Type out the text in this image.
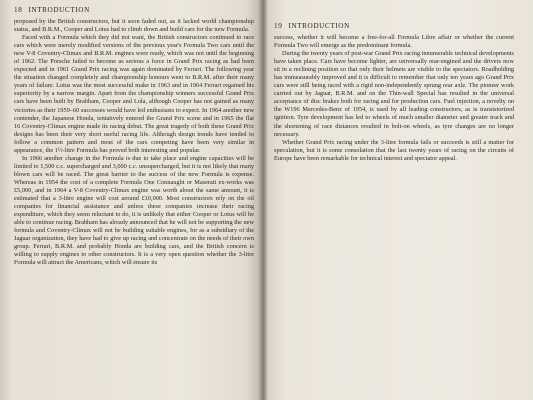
18 INTRODUCTION

proposed by the British constructors, but it soon faded out, as it lacked world championship status, and B.R.M., Cooper and Lotus had to climb down and build cars for the new Formula.

Faced with a Formula which they did not want, the British constructors continued to race cars which were merely modified versions of the previous year's Formula Two cars until the new V-8 Coventry-Climax and B.R.M. engines were ready, which was not until the beginning of 1962. The Porsche failed to become as serious a force in Grand Prix racing as had been expected and in 1961 Grand Prix racing was again dominated by Ferrari. The following year the situation changed completely and championship honours went to B.R.M. after their many years of failure. Lotus was the most successful make in 1963 and in 1964 Ferrari regained his superiority by a narrow margin. Apart from the championship winners successful Grand Prix cars have been built by Brabham, Cooper and Lola, although Cooper has not gained as many victories as their 1959–60 successes would have led enthusiasts to expect. In 1964 another new contender, the Japanese Honda, tentatively entered the Grand Prix scene and in 1965 the flat 16 Coventry-Climax engine made its racing debut. The great tragedy of both these Grand Prix designs has been their very short useful racing life. Although design trends have tended to follow a common pattern and most of the cars competing have been very similar in appearance, the 1½-litre Formula has proved both interesting and popular.

In 1966 another change in the Formula is due to take place and engine capacities will be limited to 1,500 c.c. supercharged and 3,000 c.c. unsupercharged, but it is not likely that many blown cars will be raced. The great barrier to the success of the new Formula is expense. Whereas in 1954 the cost of a complete Formula One Connaught or Maserati ex-works was £5,000, and in 1964 a V-8 Coventry-Climax engine was worth about the same amount, it is estimated that a 3-litre engine will cost around £10,000. Most constructors rely on the oil companies for financial assistance and unless these companies increase their racing expenditure, which they seem reluctant to do, it is unlikely that either Cooper or Lotus will be able to continue racing. Brabham has already announced that he will not be supporting the new formula and Coventry-Climax will not be building suitable engines, for as a subsidiary of the Jaguar organization, they have had to give up racing and concentrate on the needs of their own group. Ferrari, B.R.M. and probably Honda are building cars, and the British concern is willing to supply engines to other constructors. It is a very open question whether the 3-litre Formula will attract the Americans, which will ensure its

19 INTRODUCTION

success, whether it will become a free-for-all Formula Libre affair or whether the current Formula Two will emerge as the predominant formula.

During the twenty years of post-war Grand Prix racing innumerable technical developments have taken place. Cars have become lighter, are universally rear-engined and the drivers now sit in a reclining position so that only their helmets are visible to the spectators. Roadholding has immeasurably improved and it is difficult to remember that only ten years ago Grand Prix cars were still being raced with a rigid non-independently sprung rear axle. The pioneer work carried out by Jaguar, B.R.M. and on the Thin-wall Special has resulted in the universal acceptance of disc brakes both for racing and for production cars. Fuel injection, a novelty on the W196 Mercedes-Benz of 1954, is used by all leading constructors, as is transistorized ignition. Tyre development has led to wheels of much smaller diameter and greater track and the shortening of race distances resulted in bolt-on wheels, as tyre changes are no longer necessary.

Whether Grand Prix racing under the 3-litre formula fails or succeeds is still a matter for speculation, but it is some consolation that the last twenty years of racing on the circuits of Europe have been remarkable for technical interest and spectator appeal.
